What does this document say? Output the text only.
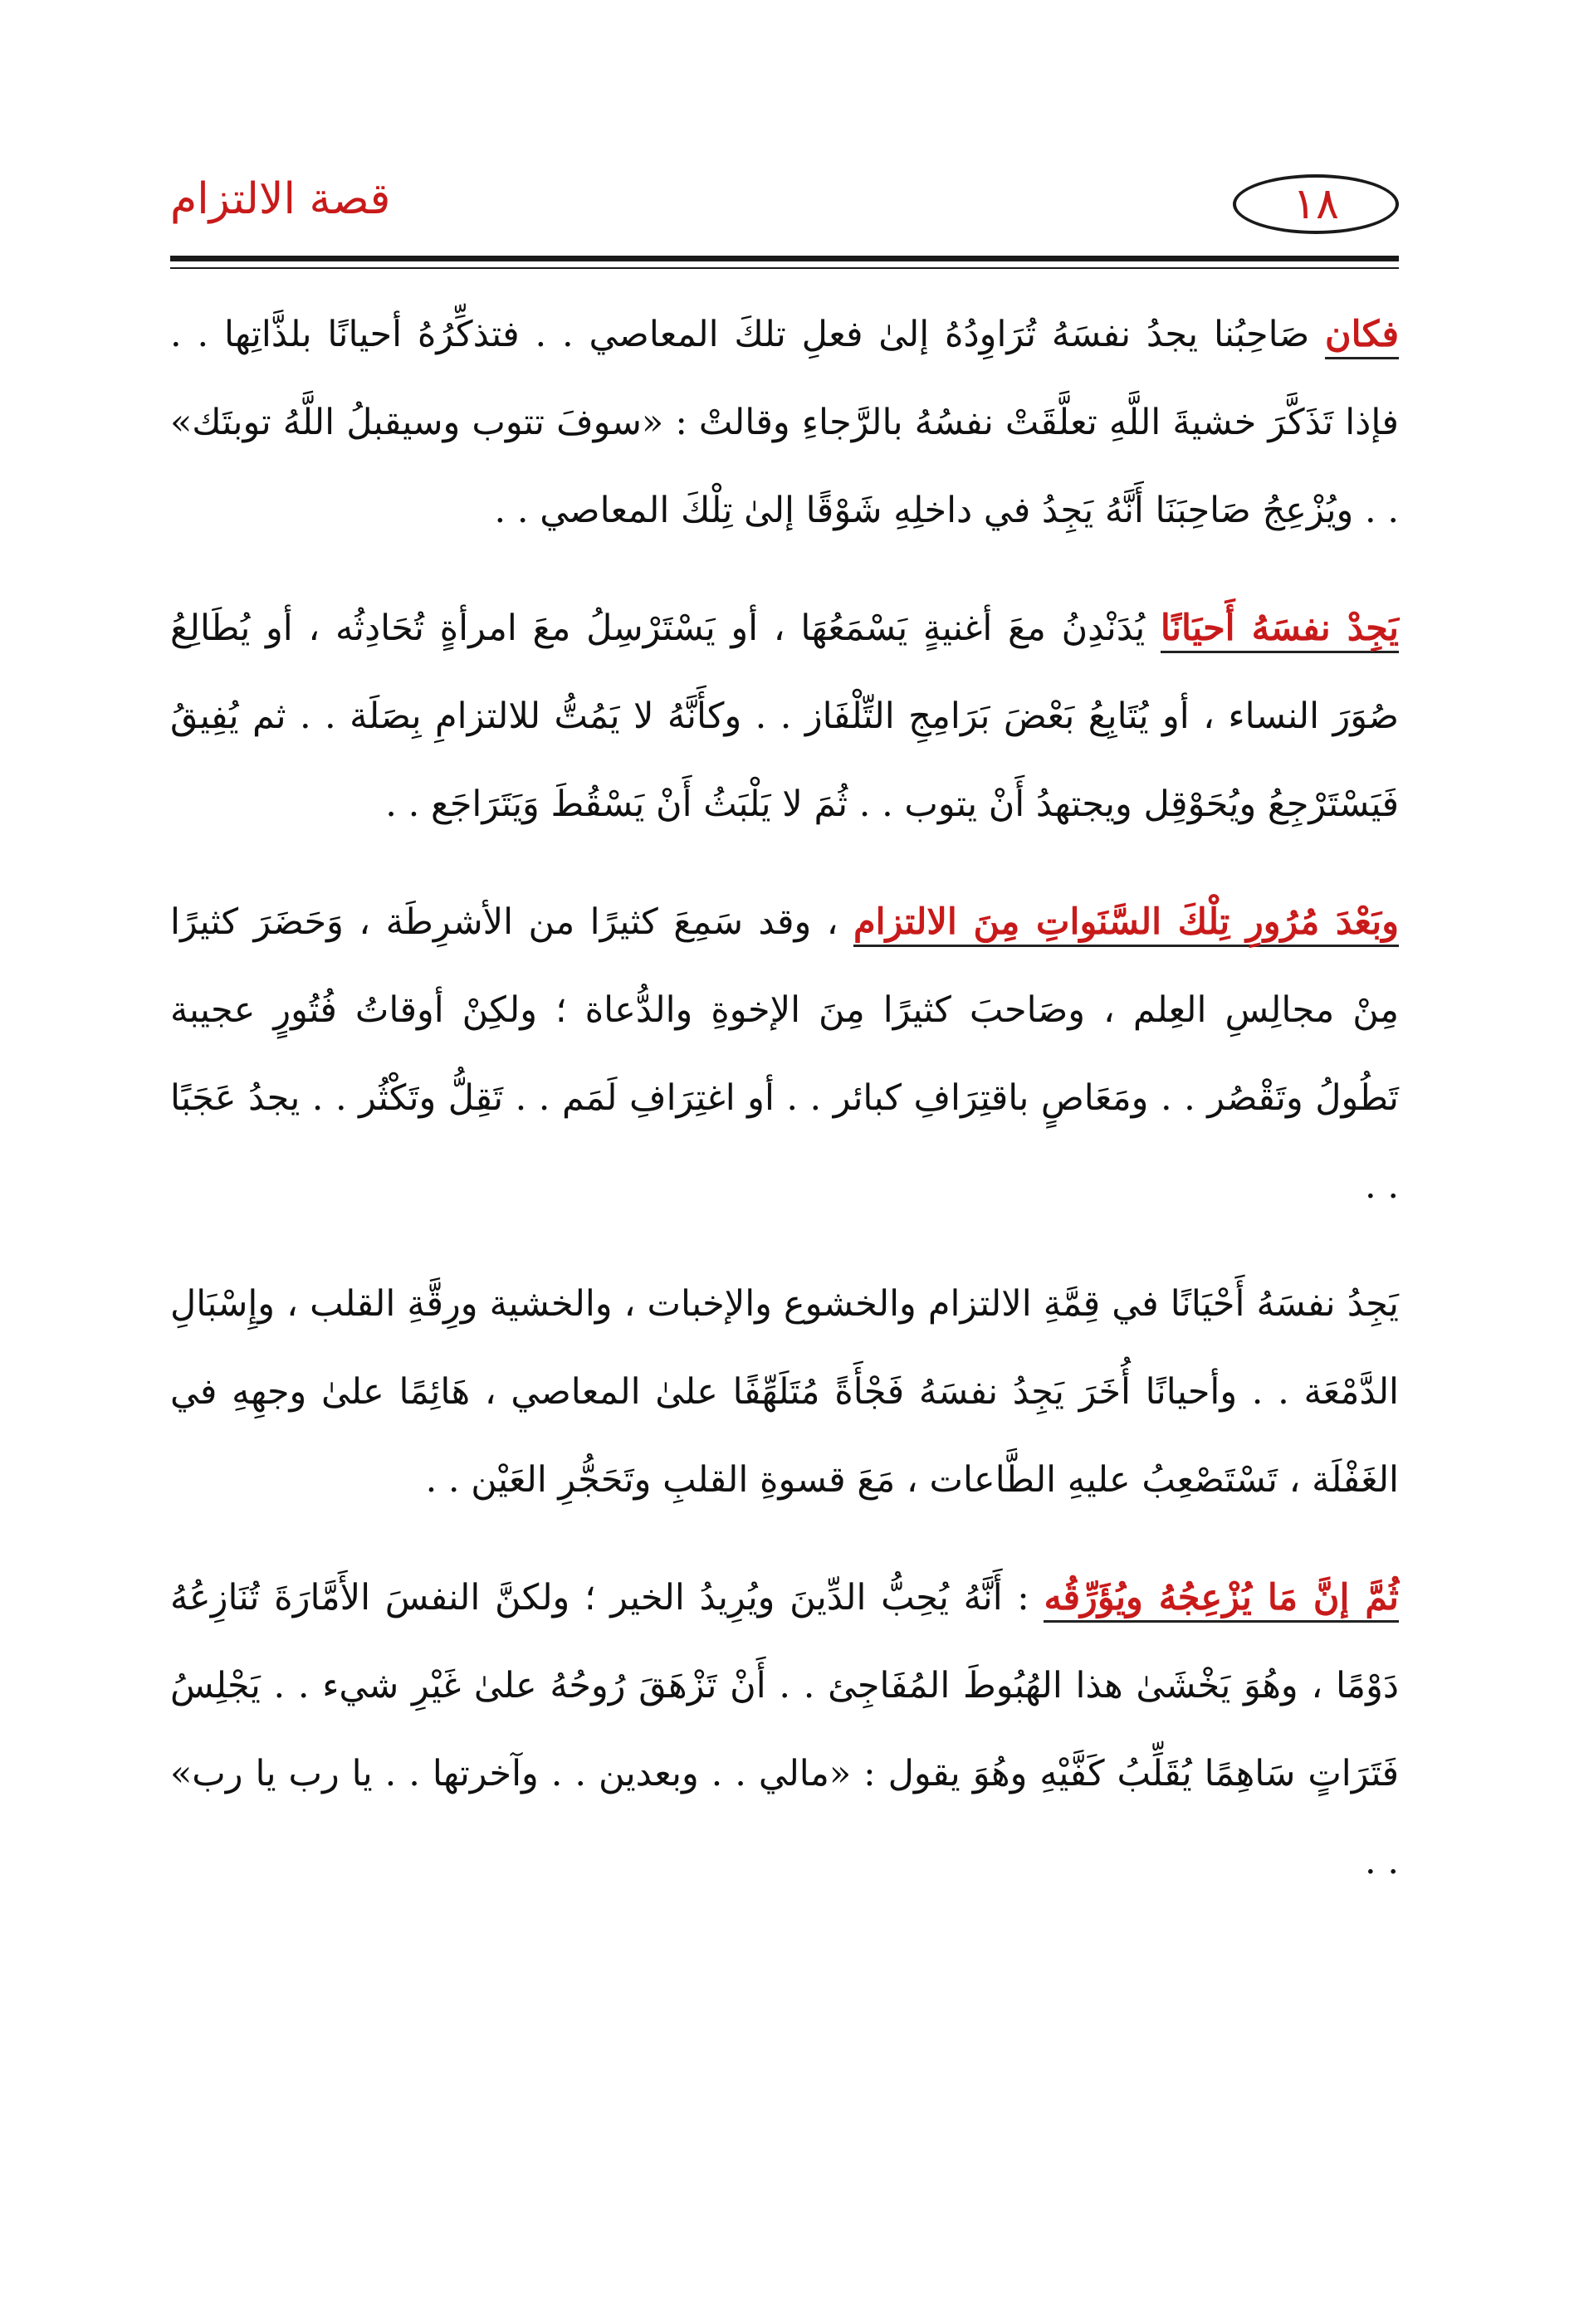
١٨
قصة الالتزام

فكان صَاحِبُنا يجدُ نفسَهُ تُرَاوِدُهُ إلىٰ فعلِ تلكَ المعاصي . . فتذكِّرُهُ أحيانًا بلذَّاتِها . . فإذا تَذَكَّرَ خشيةَ اللَّهِ تعلَّقَتْ نفسُهُ بالرَّجاءِ وقالتْ : «سوفَ تتوب وسيقبلُ اللَّهُ توبتَك» . . ويُزْعِجُ صَاحِبَنَا أَنَّهُ يَجِدُ في داخلِهِ شَوْقًا إلىٰ تِلْكَ المعاصي . .

يَجِدْ نفسَهُ أَحيَانًا يُدَنْدِنُ معَ أغنيةٍ يَسْمَعُهَا ، أو يَسْتَرْسِلُ معَ امرأةٍ تُحَادِثُه ، أو يُطَالِعُ صُوَرَ النساء ، أو يُتَابِعُ بَعْضَ بَرَامِجِ التِّلْفَاز . . وكأَنَّهُ لا يَمُتُّ للالتزامِ بِصَلَة . . ثم يُفِيقُ فَيَسْتَرْجِعُ ويُحَوْقِل ويجتهدُ أَنْ يتوب . . ثُمَ لا يَلْبَثُ أَنْ يَسْقُطَ وَيَتَرَاجَع . .

وبَعْدَ مُرُورِ تِلْكَ السَّنَواتِ مِنَ الالتزام ، وقد سَمِعَ كثيرًا من الأشرِطَة ، وَحَضَرَ كثيرًا مِنْ مجالِسِ العِلم ، وصَاحبَ كثيرًا مِنَ الإخوةِ والدُّعاة ؛ ولكِنْ أوقاتُ فُتُورٍ عجيبة تَطُولُ وتَقْصُر . . ومَعَاصٍ باقتِرَافِ كبائر . . أو اغتِرَافِ لَمَم . . تَقِلُّ وتَكْثُر . . يجدُ عَجَبًا . .

يَجِدُ نفسَهُ أَحْيَانًا في قِمَّةِ الالتزام والخشوع والإخبات ، والخشية ورِقَّةِ القلب ، وإِسْبَالِ الدَّمْعَة . . وأحيانًا أُخَرَ يَجِدُ نفسَهُ فَجْأَةً مُتَلَهِّفًا علىٰ المعاصي ، هَائِمًا علىٰ وجهِهِ في الغَفْلَة ، تَسْتَصْعِبُ عليهِ الطَّاعات ، مَعَ قسوةِ القلبِ وتَحَجُّرِ العَيْن . .

ثُمَّ إنَّ مَا يُزْعِجُهُ ويُؤَرِّقُه : أَنَّهُ يُحِبُّ الدِّينَ ويُرِيدُ الخير ؛ ولكنَّ النفسَ الأَمَّارَةَ تُنَازِعُهُ دَوْمًا ، وهُوَ يَخْشَىٰ هذا الهُبُوطَ المُفَاجِئ . . أَنْ تَزْهَقَ رُوحُهُ علىٰ غَيْرِ شيء . . يَجْلِسُ فَتَرَاتٍ سَاهِمًا يُقَلِّبُ كَفَّيْهِ وهُوَ يقول : «مالي . . وبعدين . . وآخرتها . . يا رب يا رب» . .
